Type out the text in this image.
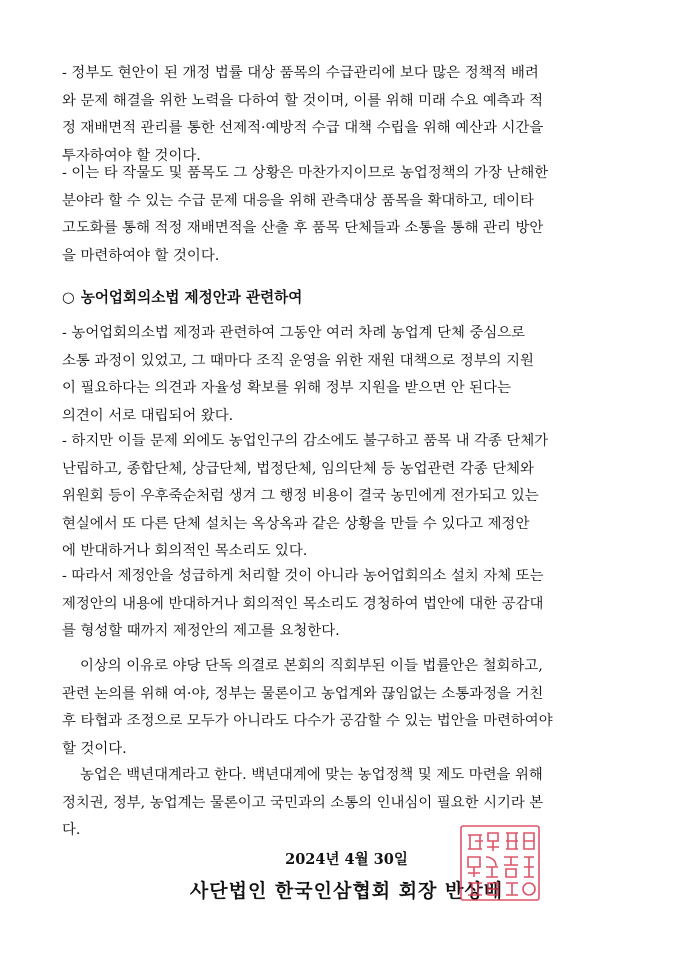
- 정부도 현안이 된 개정 법률 대상 품목의 수급관리에 보다 많은 정책적 배려
와 문제 해결을 위한 노력을 다하여 할 것이며, 이를 위해 미래 수요 예측과 적
정 재배면적 관리를 통한 선제적·예방적 수급 대책 수립을 위해 예산과 시간을
투자하여야 할 것이다.
- 이는 타 작물도 및 품목도 그 상황은 마찬가지이므로 농업정책의 가장 난해한
분야라 할 수 있는 수급 문제 대응을 위해 관측대상 품목을 확대하고, 데이타
고도화를 통해 적정 재배면적을 산출 후 품목 단체들과 소통을 통해 관리 방안
을 마련하여야 할 것이다.
○ 농어업회의소법 제정안과 관련하여
- 농어업회의소법 제정과 관련하여 그동안 여러 차례 농업계 단체 중심으로
소통 과정이 있었고, 그 때마다 조직 운영을 위한 재원 대책으로 정부의 지원
이 필요하다는 의견과 자율성 확보를 위해 정부 지원을 받으면 안 된다는
의견이 서로 대립되어 왔다.
- 하지만 이들 문제 외에도 농업인구의 감소에도 불구하고 품목 내 각종 단체가
난립하고, 종합단체, 상급단체, 법정단체, 임의단체 등 농업관련 각종 단체와
위원회 등이 우후죽순처럼 생겨 그 행정 비용이 결국 농민에게 전가되고 있는
현실에서 또 다른 단체 설치는 옥상옥과 같은 상황을 만들 수 있다고 제정안
에 반대하거나 회의적인 목소리도 있다.
- 따라서 제정안을 성급하게 처리할 것이 아니라 농어업회의소 설치 자체 또는
제정안의 내용에 반대하거나 회의적인 목소리도 경청하여 법안에 대한 공감대
를 형성할 때까지 제정안의 제고를 요청한다.
이상의 이유로 야당 단독 의결로 본회의 직회부된 이들 법률안은 철회하고,
관련 논의를 위해 여·야, 정부는 물론이고 농업계와 끊임없는 소통과정을 거친
후 타협과 조정으로 모두가 아니라도 다수가 공감할 수 있는 법안을 마련하여야
할 것이다.
농업은 백년대계라고 한다. 백년대계에 맞는 농업정책 및 제도 마련을 위해
정치권, 정부, 농업계는 물론이고 국민과의 소통의 인내심이 필요한 시기라 본
다.
2024년 4월 30일
사단법인 한국인삼협회 회장 반상배
